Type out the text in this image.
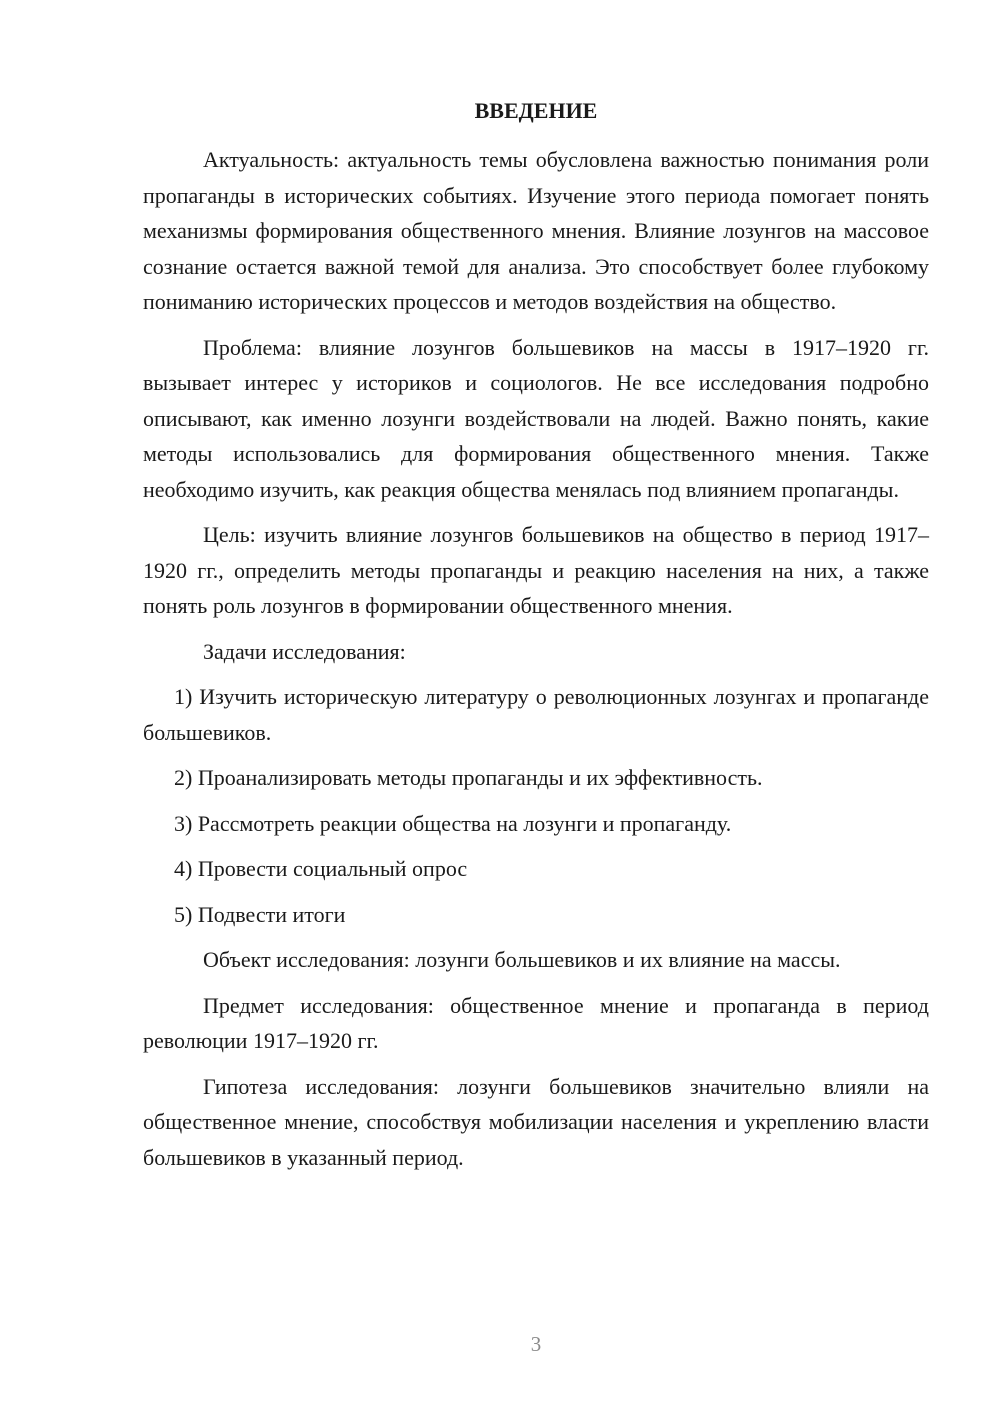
ВВЕДЕНИЕ

Актуальность: актуальность темы обусловлена важностью понимания роли пропаганды в исторических событиях. Изучение этого периода помогает понять механизмы формирования общественного мнения. Влияние лозунгов на массовое сознание остается важной темой для анализа. Это способствует более глубокому пониманию исторических процессов и методов воздействия на общество.

Проблема: влияние лозунгов большевиков на массы в 1917–1920 гг. вызывает интерес у историков и социологов. Не все исследования подробно описывают, как именно лозунги воздействовали на людей. Важно понять, какие методы использовались для формирования общественного мнения. Также необходимо изучить, как реакция общества менялась под влиянием пропаганды.

Цель: изучить влияние лозунгов большевиков на общество в период 1917–1920 гг., определить методы пропаганды и реакцию населения на них, а также понять роль лозунгов в формировании общественного мнения.

Задачи исследования:

1) Изучить историческую литературу о революционных лозунгах и пропаганде большевиков.

2) Проанализировать методы пропаганды и их эффективность.

3) Рассмотреть реакции общества на лозунги и пропаганду.

4) Провести социальный опрос

5) Подвести итоги

Объект исследования: лозунги большевиков и их влияние на массы.

Предмет исследования: общественное мнение и пропаганда в период революции 1917–1920 гг.

Гипотеза исследования: лозунги большевиков значительно влияли на общественное мнение, способствуя мобилизации населения и укреплению власти большевиков в указанный период.

3
